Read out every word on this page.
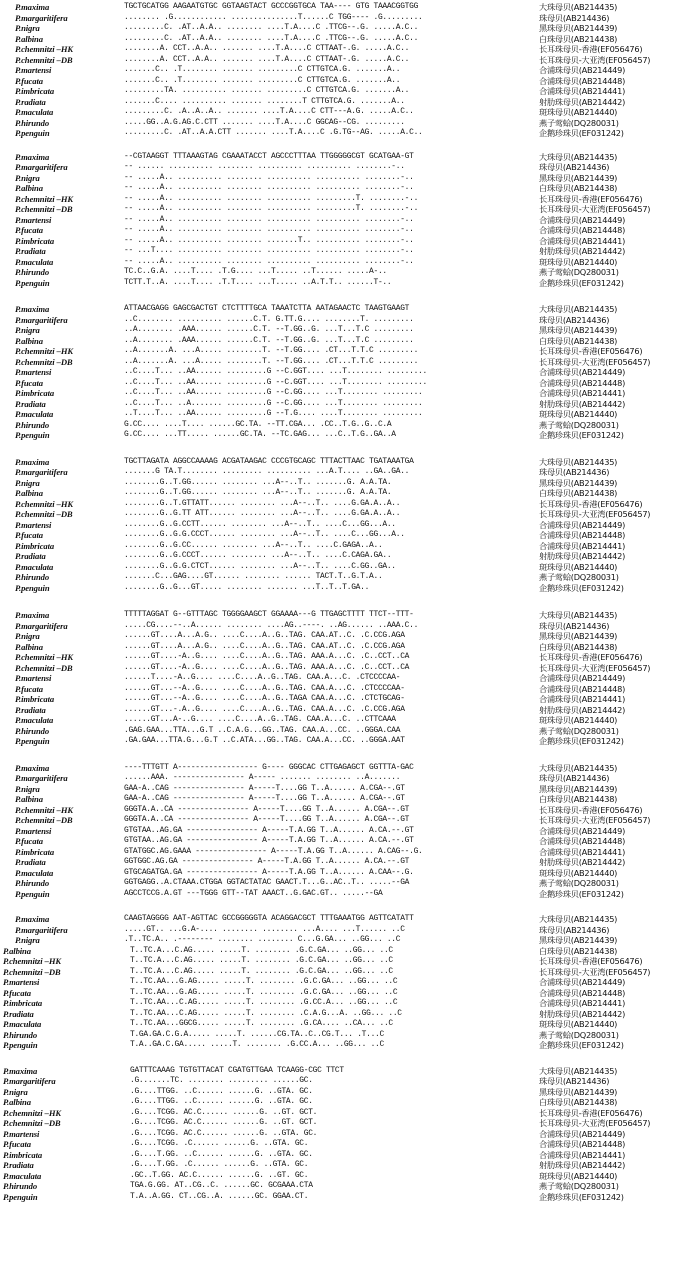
P.maxima	TGCTGCATGG AAGAATGTGC GGTAAGTACT GCCCGGTGCA TAA---- GTG TAAACGGTGG	大珠母贝(AB214435)
P.margaritifera	........ .G............ ...............T......C TGG---- .G.........	珠母贝(AB214436)
P.nigra	.........C. .AT..A.A.. ........ ....T.A....C .TTCG--.G. .....A.C..	黑珠母贝(AB214439)
P.albina	.........C. .AT..A.A.. ........ ....T.A....C .TTCG--.G. .....A.C..	白珠母贝(AB214438)
P.chemnitzi –HK	........A. CCT..A.A.. ....... ....T.A....C CTTAAT-.G. .....A.C..	长耳珠母贝-香港(EF056476)
P.chemnitzi –DB	........A. CCT..A.A.. ....... ....T.A....C CTTAAT-.G. .....A.C..	长耳珠母贝-大亚湾(EF056457)
P.martensi	.......C.. .T........ ....... .........C CTTGTCA.G. .......A..	合浦珠母贝(AB214449)
P.fucata	.......C.. .T........ ....... .........C CTTGTCA.G. .......A..	合浦珠母贝(AB214448)
P.imbricata	.........TA. .......... ....... .........C CTTGTCA.G. .......A..	合浦珠母贝(AB214441)
P.radiata	.......C.... .......... ....... ........T CTTGTCA.G. .......A..	射肋珠母贝(AB214442)
P.maculata	.........C. .A..A..A.. ....... ....T.A....C CTT---A.G. .....A.C..	斑珠母贝(AB214440)
P.hirundo	.....GG..A.G.AG.C.CTT ....... ....T.A....C GGCAG--CG. .........	燕子莺蛤(DQ280031)
P.penguin	.........C. .AT..A.A.CTT ....... ....T.A....C .G.TG--AG. .....A.C..	企鹅珍珠贝(EF031242)
P.maxima	--CGTAAGGT TTTAAAGTAG CGAAATACCT AGCCCTTTAA TTGGGGGCGT GCATGAA-GT	大珠母贝(AB214435)
P.margaritifera	-- ...... .......... ........ .......... .......... ........-..	珠母贝(AB214436)
P.nigra	-- .....A.. .......... ........ .......... .......... ........-..	黑珠母贝(AB214439)
P.albina	-- .....A.. .......... ........ .......... .......... ........-..	白珠母贝(AB214438)
P.chemnitzi –HK	-- .....A.. .......... ........ .......... .........T. ........-..	长耳珠母贝-香港(EF056476)
P.chemnitzi –DB	-- .....A.. .......... ........ .......... .........T. ........-..	长耳珠母贝-大亚湾(EF056457)
P.martensi	-- .....A.. .......... ........ .......... .......... ........-..	合浦珠母贝(AB214449)
P.fucata	-- .....A.. .......... ........ .......... .......... ........-..	合浦珠母贝(AB214448)
P.imbricata	-- .....A.. .......... ........ .......T.. .......... ........-..	合浦珠母贝(AB214441)
P.radiata	-- ...T.... .......... ........ .......... .......... ........-..	射肋珠母贝(AB214442)
P.maculata	-- .....A.. .......... ........ .......... .......... ........-..	斑珠母贝(AB214440)
P.hirundo	TC.C..G.A. ....T.... .T.G.... ...T..... ..T...... .....A-..	燕子莺蛤(DQ280031)
P.penguin	TCTT.T..A. ....T.... .T.T.... ...T..... ..A.T.T.. ......T-..	企鹅珍珠贝(EF031242)
P.maxima	ATTAACGAGG GAGCGACTGT CTCTTTTGCA TAAATCTTA AATAGAACTC TAAGTGAAGT	大珠母贝(AB214435)
P.margaritifera	..C........ .......... ......C.T. G.TT.G.... ........T. .........	珠母贝(AB214436)
P.nigra	..A........ .AAA...... ......C.T. --T.GG..G. ...T...T.C .........	黑珠母贝(AB214439)
P.albina	..A........ .AAA...... ......C.T. --T.GG..G. ...T...T.C .........	白珠母贝(AB214438)
P.chemnitzi –HK	..A.......A. ...A..... ........T. --T.GG.... .CT...T.T.C .........	长耳珠母贝-香港(EF056476)
P.chemnitzi –DB	..A.......A. ...A..... ........T. --T.GG.... .CT...T.T.C .........	长耳珠母贝-大亚湾(EF056457)
P.martensi	..C....T... ..AA...... .........G --C.GGT.... ...T........ .........	合浦珠母贝(AB214449)
P.fucata	..C....T... ..AA...... .........G --C.GGT.... ...T........ .........	合浦珠母贝(AB214448)
P.imbricata	..C....T... ..AA...... .........G --C.GG.... ...T........ .........	合浦珠母贝(AB214441)
P.radiata	..C....T... ..A....... .........G --C.GG.... ...T........ .........	射肋珠母贝(AB214442)
P.maculata	..T....T... ..AA...... .........G --T.G.... ....T........ .........	斑珠母贝(AB214440)
P.hirundo	G.CC.... ....T.... ......GC.TA. --TT.CGA... .CC..T.G..G..C.A	燕子莺蛤(DQ280031)
P.penguin	G.CC.... ...TT..... ......GC.TA. --TC.GAG... ...C..T.G..GA..A	企鹅珍珠贝(EF031242)
P.maxima	TGCTTAGATA AGGCCAAAAG ACGATAAGAC CCCGTGCAGC TTTACTTAAC TGATAAATGA	大珠母贝(AB214435)
P.margaritifera	.......G TA.T........ ......... .......... ...A.T.... ..GA..GA..	珠母贝(AB214436)
P.nigra	........G..T.GG...... ........ ...A--..T.. .......G. A.A.TA.	黑珠母贝(AB214439)
P.albina	........G..T.GG...... ........ ...A--..T.. .......G. A.A.TA.	白珠母贝(AB214438)
P.chemnitzi –HK	........G..T.GTTATT...... ........ ...A--..T.. ....G.GA.A..A..	长耳珠母贝-香港(EF056476)
P.chemnitzi –DB	........G..G.TT ATT...... ........ ...A--..T.. ....G.GA.A..A..	长耳珠母贝-大亚湾(EF056457)
P.martensi	........G..G.CCTT...... ........ ...A--..T.. ....C...GG...A..	合浦珠母贝(AB214449)
P.fucata	........G..G.G.CCCT...... ........ ...A--..T.. ....C...GG...A..	合浦珠母贝(AB214448)
P.imbricata	........G..G.CC...... ........ ...A--..T.. ....C.GAGA..A..	合浦珠母贝(AB214441)
P.radiata	........G..G.CCCT...... ........ ...A--..T.. ....C.CAGA.GA..	射肋珠母贝(AB214442)
P.maculata	........G..G.G.CTCT...... ........ ...A--..T.. ....C.GG..GA..	斑珠母贝(AB214440)
P.hirundo	.......C...GAG....GT...... ........ ...... TACT.T..G.T.A..	燕子莺蛤(DQ280031)
P.penguin	........G..G...GT..... ........ ....... ...T..T..T.GA..	企鹅珍珠贝(EF031242)
P.maxima	TTTTTAGGAT G--GTTTAGC TGGGGAAGCT GGAAAA---G TTGAGCTTTT TTCT--TTT-	大珠母贝(AB214435)
P.margaritifera	.....CG....--..A...... ........ ....AG..----. ..AG...... ..AAA.C..	珠母贝(AB214436)
P.nigra	......GT....A...A.G.. ....C....A..G..TAG. CAA.AT..C. .C.CCG.AGA	黑珠母贝(AB214439)
P.albina	......GT....A...A.G.. ....C....A..G..TAG. CAA.AT..C. .C.CCG.AGA	白珠母贝(AB214438)
P.chemnitzi –HK	......GT....-A..G.... ....C....A..G..TAG. AAA.A...C. .C..CCT..CA	长耳珠母贝-香港(EF056476)
P.chemnitzi –DB	......GT....-A..G.... ....C....A..G..TAG. AAA.A...C. .C..CCT..CA	长耳珠母贝-大亚湾(EF056457)
P.martensi	......T....-A..G.... ....C....A..G..TAG. CAA.A...C. .CTCCCCAA-	合浦珠母贝(AB214449)
P.fucata	......GT...--A..G.... ....C....A..G..TAG. CAA.A...C. .CTCCCCAA-	合浦珠母贝(AB214448)
P.imbricata	......GT...--A..G.... ....C....A..G..TAGA CAA.A...C. .CTCTGCAG-	合浦珠母贝(AB214441)
P.radiata	......GT...-.A..G.... ....C....A..G..TAG. CAA.A...C. .C.CCG.AGA	射肋珠母贝(AB214442)
P.maculata	......GT...A-..G.... ....C....A..G..TAG. CAA.A...C. ..CTTCAAA	斑珠母贝(AB214440)
P.hirundo	.GAG.GAA...TTA...G.T ..C.A.G...GG..TAG. CAA.A...CC. ..GGGA.CAA	燕子莺蛤(DQ280031)
P.penguin	.GA.GAA...TTA.G...G.T ..C.ATA...GG..TAG. CAA.A...CC. ..GGGA.AAT	企鹅珍珠贝(EF031242)
P.maxima	----TTTGTT A------------------ G---- GGGCAC CTTGAGAGCT GGTTTA-GAC	大珠母贝(AB214435)
P.margaritifera	......AAA. ---------------- A----- ....... ........ ..A.......	珠母贝(AB214436)
P.nigra	GAA-A..CAG ---------------- A-----T....GG T..A...... A.CGA--.GT	黑珠母贝(AB214439)
P.albina	GAA-A..CAG ---------------- A-----T....GG T..A...... A.CGA--.GT	白珠母贝(AB214438)
P.chemnitzi –HK	GGGTA.A..CA ---------------- A-----T....GG T..A...... A.CGA--.GT	长耳珠母贝-香港(EF056476)
P.chemnitzi –DB	GGGTA.A..CA ---------------- A-----T....GG T..A...... A.CGA--.GT	长耳珠母贝-大亚湾(EF056457)
P.martensi	GTGTAA..AG.GA ---------------- A-----T.A.GG T..A...... A.CA.--.GT	合浦珠母贝(AB214449)
P.fucata	GTGTAA..AG.GA ---------------- A-----T.A.GG T..A...... A.CA.--.GT	合浦珠母贝(AB214448)
P.imbricata	GTATGGC.AG.GAAA ---------------- A-----T.A.GG T..A...... A.CAG--.G.	合浦珠母贝(AB214441)
P.radiata	GGTGGC.AG.GA ---------------- A-----T.A.GG T..A...... A.CA.--.GT	射肋珠母贝(AB214442)
P.maculata	GTGCAGATGA.GA ---------------- A-----T.A.GG T..A...... A.CAA--.G.	斑珠母贝(AB214440)
P.hirundo	GGTGAGG..A.CTAAA.CTGGA GGTACTATAC GAACT.T...G..AC..T.. .....--GA	燕子莺蛤(DQ280031)
P.penguin	AGCCTCCG.A.GT ---TGGG GTT--TAT AAACT..G.GAC.GT.. .....--GA	企鹅珍珠贝(EF031242)
P.maxima	CAAGTAGGGG AAT-AGTTAC GCCGGGGGTA ACAGGACGCT TTTGAAATGG AGTTCATATT	大珠母贝(AB214435)
P.margaritifera	.....GT.. ...G.A-.... ........ ........ ...A.... ...T...... ..C	珠母贝(AB214436)
P.nigra	.T..TC.A.. .-------- ........ ........ C...G.GA... ..GG... ..C	黑珠母贝(AB214439)
P.albina	T..TC.A...C.AG..... .....T. ........ .G.C.GA... ..GG... ..C	白珠母贝(AB214438)
P.chemnitzi –HK	T..TC.A...C.AG..... .....T. ........ .G.C.GA... ..GG... ..C	长耳珠母贝-香港(EF056476)
P.chemnitzi –DB	T..TC.A...C.AG..... .....T. ........ .G.C.GA... ..GG... ..C	长耳珠母贝-大亚湾(EF056457)
P.martensi	T..TC.AA...G.AG..... .....T. ........ .G.C.GA... ..GG... ..C	合浦珠母贝(AB214449)
P.fucata	T..TC.AA...G.AG..... .....T. ........ .G.C.GA... ..GG... ..C	合浦珠母贝(AB214448)
P.imbricata	T..TC.AA...C.AG..... .....T. ........ .G.CC.A... ..GG... ..C	合浦珠母贝(AB214441)
P.radiata	T..TC.AA...C.AG..... .....T. ........ .C.A.G...A. ..GG... ..C	射肋珠母贝(AB214442)
P.maculata	T..TC.AA...GGCG..... .....T. ........ .G.CA.... ..CA... ..C	斑珠母贝(AB214440)
P.hirundo	T.GA.GA.C.G.A..... .....T. ......CG.TA..C..CG.T... .T...C	燕子莺蛤(DQ280031)
P.penguin	T.A..GA.C.GA..... .....T. ........ .G.CC.A... ..GG... ..C	企鹅珍珠贝(EF031242)
P.maxima	GATTTCAAAG TGTGTTACAT CGATGTTGAA TCAAGG-CGC TTCT	大珠母贝(AB214435)
P.margaritifera	.G.......TC. ........ ......... ......GC.	珠母贝(AB214436)
P.nigra	.G....TTGG. ..C...... ......G. ..GTA. GC.	黑珠母贝(AB214439)
P.albina	.G....TTGG. ..C...... ......G. ..GTA. GC.	白珠母贝(AB214438)
P.chemnitzi –HK	.G....TCGG. AC.C...... ......G. ..GT. GCT.	长耳珠母贝-香港(EF056476)
P.chemnitzi –DB	.G....TCGG. AC.C...... ......G. ..GT. GCT.	长耳珠母贝-大亚湾(EF056457)
P.martensi	.G....TCGG. AC.C...... ......G. ..GTA. GC.	合浦珠母贝(AB214449)
P.fucata	.G....TCGG. .C...... ......G. ..GTA. GC.	合浦珠母贝(AB214448)
P.imbricata	.G....T.GG. ..C...... ......G. ..GTA. GC.	合浦珠母贝(AB214441)
P.radiata	.G....T.GG. .C...... ......G. ..GTA. GC.	射肋珠母贝(AB214442)
P.maculata	.GC..T.GG. AC.C...... ......G. ..GT. GC.	斑珠母贝(AB214440)
P.hirundo	TGA.G.GG. AT..CG..C. ......GC. GCGAAA.CTA	燕子莺蛤(DQ280031)
P.penguin	T.A..A.GG. CT..CG..A. ......GC. GGAA.CT.	企鹅珍珠贝(EF031242)
